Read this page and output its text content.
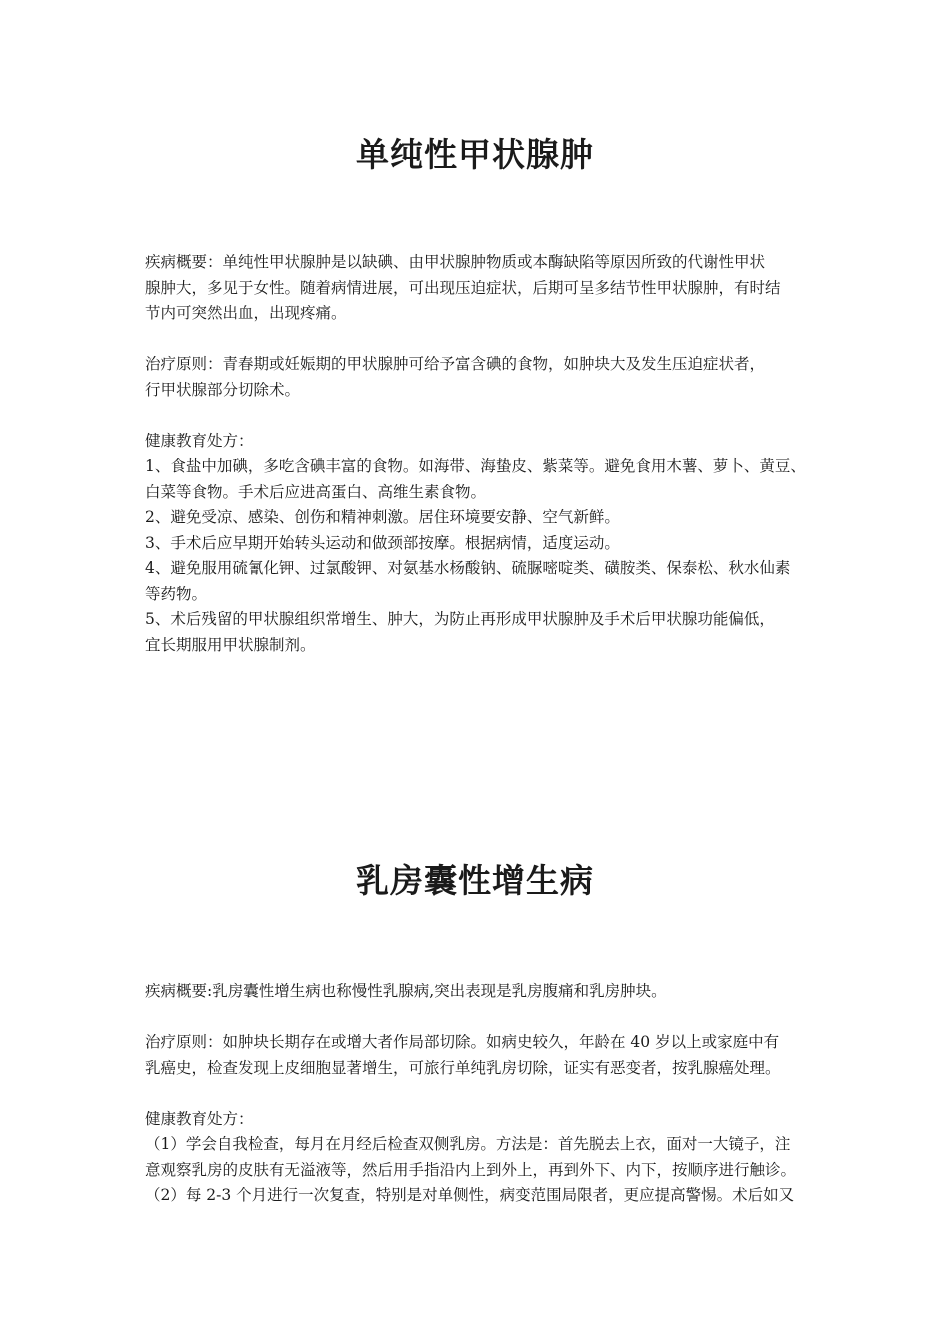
单纯性甲状腺肿

疾病概要：单纯性甲状腺肿是以缺碘、由甲状腺肿物质或本酶缺陷等原因所致的代谢性甲状

腺肿大，多见于女性。随着病情进展，可出现压迫症状，后期可呈多结节性甲状腺肿，有时结

节内可突然出血，出现疼痛。

治疗原则：青春期或妊娠期的甲状腺肿可给予富含碘的食物，如肿块大及发生压迫症状者，

行甲状腺部分切除术。

健康教育处方：

1、食盐中加碘，多吃含碘丰富的食物。如海带、海蛰皮、紫菜等。避免食用木薯、萝卜、黄豆、

白菜等食物。手术后应进高蛋白、高维生素食物。

2、避免受凉、感染、创伤和精神刺激。居住环境要安静、空气新鲜。

3、手术后应早期开始转头运动和做颈部按摩。根据病情，适度运动。

4、避免服用硫氰化钾、过氯酸钾、对氨基水杨酸钠、硫脲嘧啶类、磺胺类、保泰松、秋水仙素

等药物。

5、术后残留的甲状腺组织常增生、肿大，为防止再形成甲状腺肿及手术后甲状腺功能偏低，

宜长期服用甲状腺制剂。

乳房囊性增生病

疾病概要:乳房囊性增生病也称慢性乳腺病,突出表现是乳房腹痛和乳房肿块。

治疗原则：如肿块长期存在或增大者作局部切除。如病史较久，年龄在 40 岁以上或家庭中有

乳癌史，检查发现上皮细胞显著增生，可旅行单纯乳房切除，证实有恶变者，按乳腺癌处理。

健康教育处方：

（1）学会自我检查，每月在月经后检查双侧乳房。方法是：首先脱去上衣，面对一大镜子，注

意观察乳房的皮肤有无溢液等，然后用手指沿内上到外上，再到外下、内下，按顺序进行触诊。

（2）每 2-3 个月进行一次复查，特别是对单侧性，病变范围局限者，更应提高警惕。术后如又
